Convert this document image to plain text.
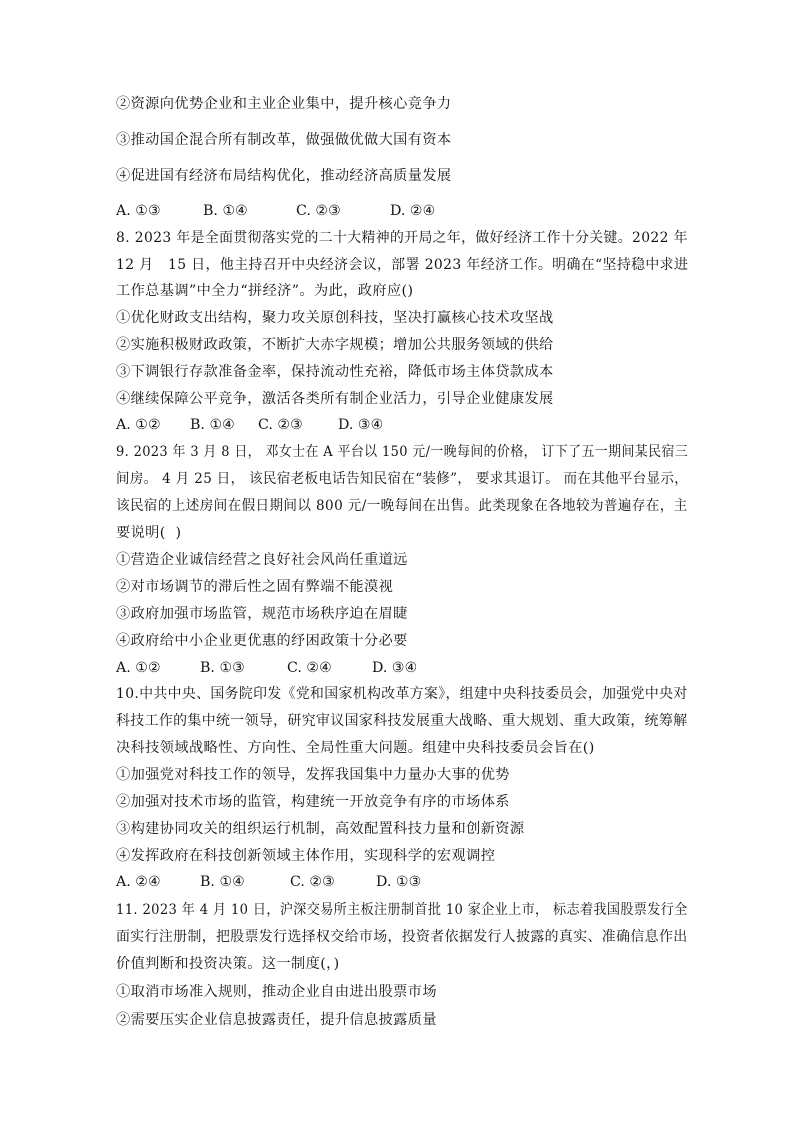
②资源向优势企业和主业企业集中，提升核心竞争力
③推动国企混合所有制改革，做强做优做大国有资本
④促进国有经济布局结构优化，推动经济高质量发展
A. ①③	B. ①④	C. ②③	D. ②④
8. 2023 年是全面贯彻落实党的二十大精神的开局之年，做好经济工作十分关键。2022 年
12 月   15 日，他主持召开中央经济会议，部署 2023 年经济工作。明确在“坚持稳中求进
工作总基调”中全力“拼经济”。为此，政府应()
①优化财政支出结构，聚力攻关原创科技，坚决打赢核心技术攻坚战
②实施积极财政政策，不断扩大赤字规模；增加公共服务领域的供给
③下调银行存款准备金率，保持流动性充裕，降低市场主体贷款成本
④继续保障公平竞争，激活各类所有制企业活力，引导企业健康发展
A. ①② B. ①④ C. ②③ D. ③④
9. 2023 年 3 月 8 日， 邓女士在 A 平台以 150 元/一晚每间的价格， 订下了五一期间某民宿三
间房。 4 月 25 日， 该民宿老板电话告知民宿在“装修”， 要求其退订。 而在其他平台显示，
该民宿的上述房间在假日期间以 800 元/一晚每间在出售。此类现象在各地较为普遍存在，主
要说明(  )
①营造企业诚信经营之良好社会风尚任重道远
②对市场调节的滞后性之固有弊端不能漠视
③政府加强市场监管，规范市场秩序迫在眉睫
④政府给中小企业更优惠的纾困政策十分必要
A. ①②	B. ①③	C. ②④	D. ③④
10.中共中央、国务院印发《党和国家机构改革方案》，组建中央科技委员会，加强党中央对
科技工作的集中统一领导，研究审议国家科技发展重大战略、重大规划、重大政策，统筹解
决科技领域战略性、方向性、全局性重大问题。组建中央科技委员会旨在()
①加强党对科技工作的领导，发挥我国集中力量办大事的优势
②加强对技术市场的监管，构建统一开放竞争有序的市场体系
③构建协同攻关的组织运行机制，高效配置科技力量和创新资源
④发挥政府在科技创新领域主体作用，实现科学的宏观调控
A. ②④	B. ①④	C. ②③	D. ①③
11. 2023 年 4 月 10 日，沪深交易所主板注册制首批 10 家企业上市， 标志着我国股票发行全
面实行注册制，把股票发行选择权交给市场，投资者依据发行人披露的真实、准确信息作出
价值判断和投资决策。这一制度(，)
①取消市场准入规则，推动企业自由进出股票市场
②需要压实企业信息披露责任，提升信息披露质量
